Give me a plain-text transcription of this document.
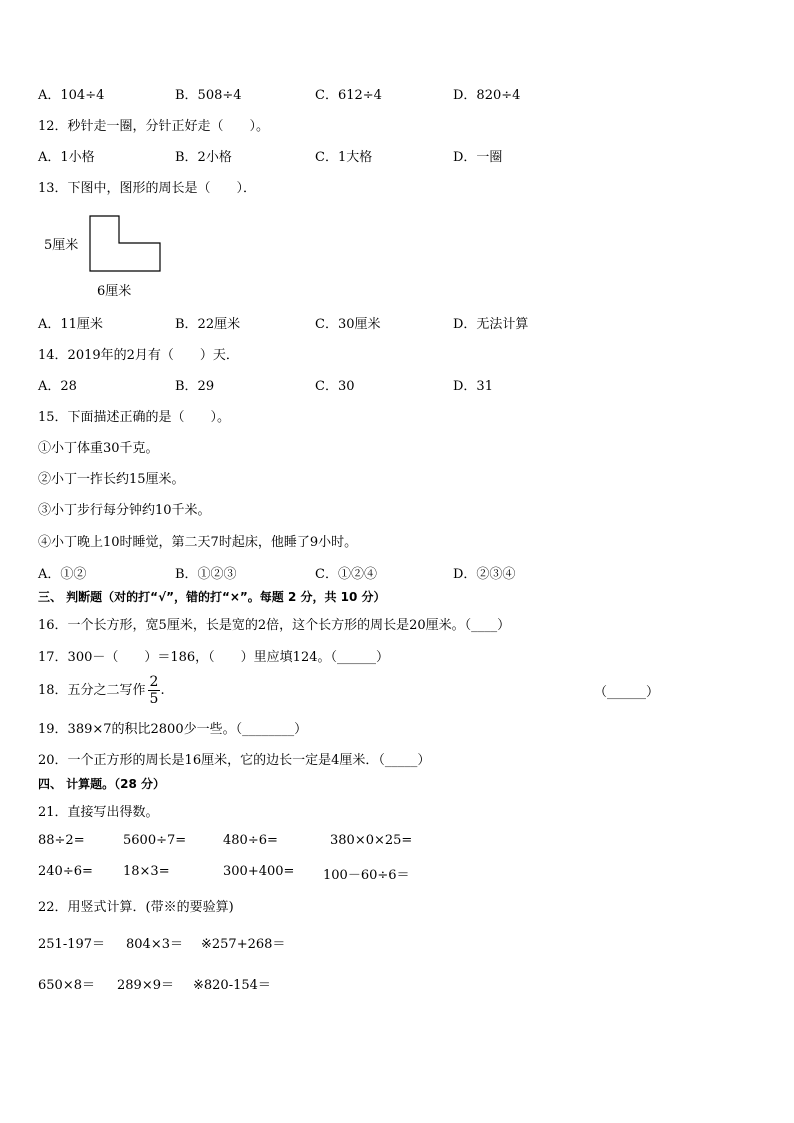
A．104÷4	B．508÷4	C．612÷4	D．820÷4
12．秒针走一圈，分针正好走（　　）。
A．1小格	B．2小格	C．1大格	D．一圈
13．下图中，图形的周长是（　　）．
5厘米
6厘米
A．11厘米	B．22厘米	C．30厘米	D．无法计算
14．2019年的2月有（　　）天．
A．28	B．29	C．30	D．31
15．下面描述正确的是（　　）。
①小丁体重30千克。
②小丁一拃长约15厘米。
③小丁步行每分钟约10千米。
④小丁晚上10时睡觉，第二天7时起床，他睡了9小时。
A．①②	B．①②③	C．①②④	D．②③④
三、 判断题（对的打“√”，错的打“×”。每题 2 分，共 10 分）
16．一个长方形，宽5厘米，长是宽的2倍，这个长方形的周长是20厘米。（____）
17．300－（　　）＝186，（　　）里应填124。（______）
18．五分之二写作 $\frac{2}{5}$ .	（______）
19．389×7的积比2800少一些。（________）
20．一个正方形的周长是16厘米，它的边长一定是4厘米．（_____）
四、 计算题。（28 分）
21．直接写出得数。
88÷2=	5600÷7=	480÷6=	380×0×25=
240÷6= 18×3=	300+400= 100－60÷6＝
22．用竖式计算．(带※的要验算)
251-197＝ 804×3＝ ※257+268＝
650×8＝ 289×9＝ ※820-154＝
